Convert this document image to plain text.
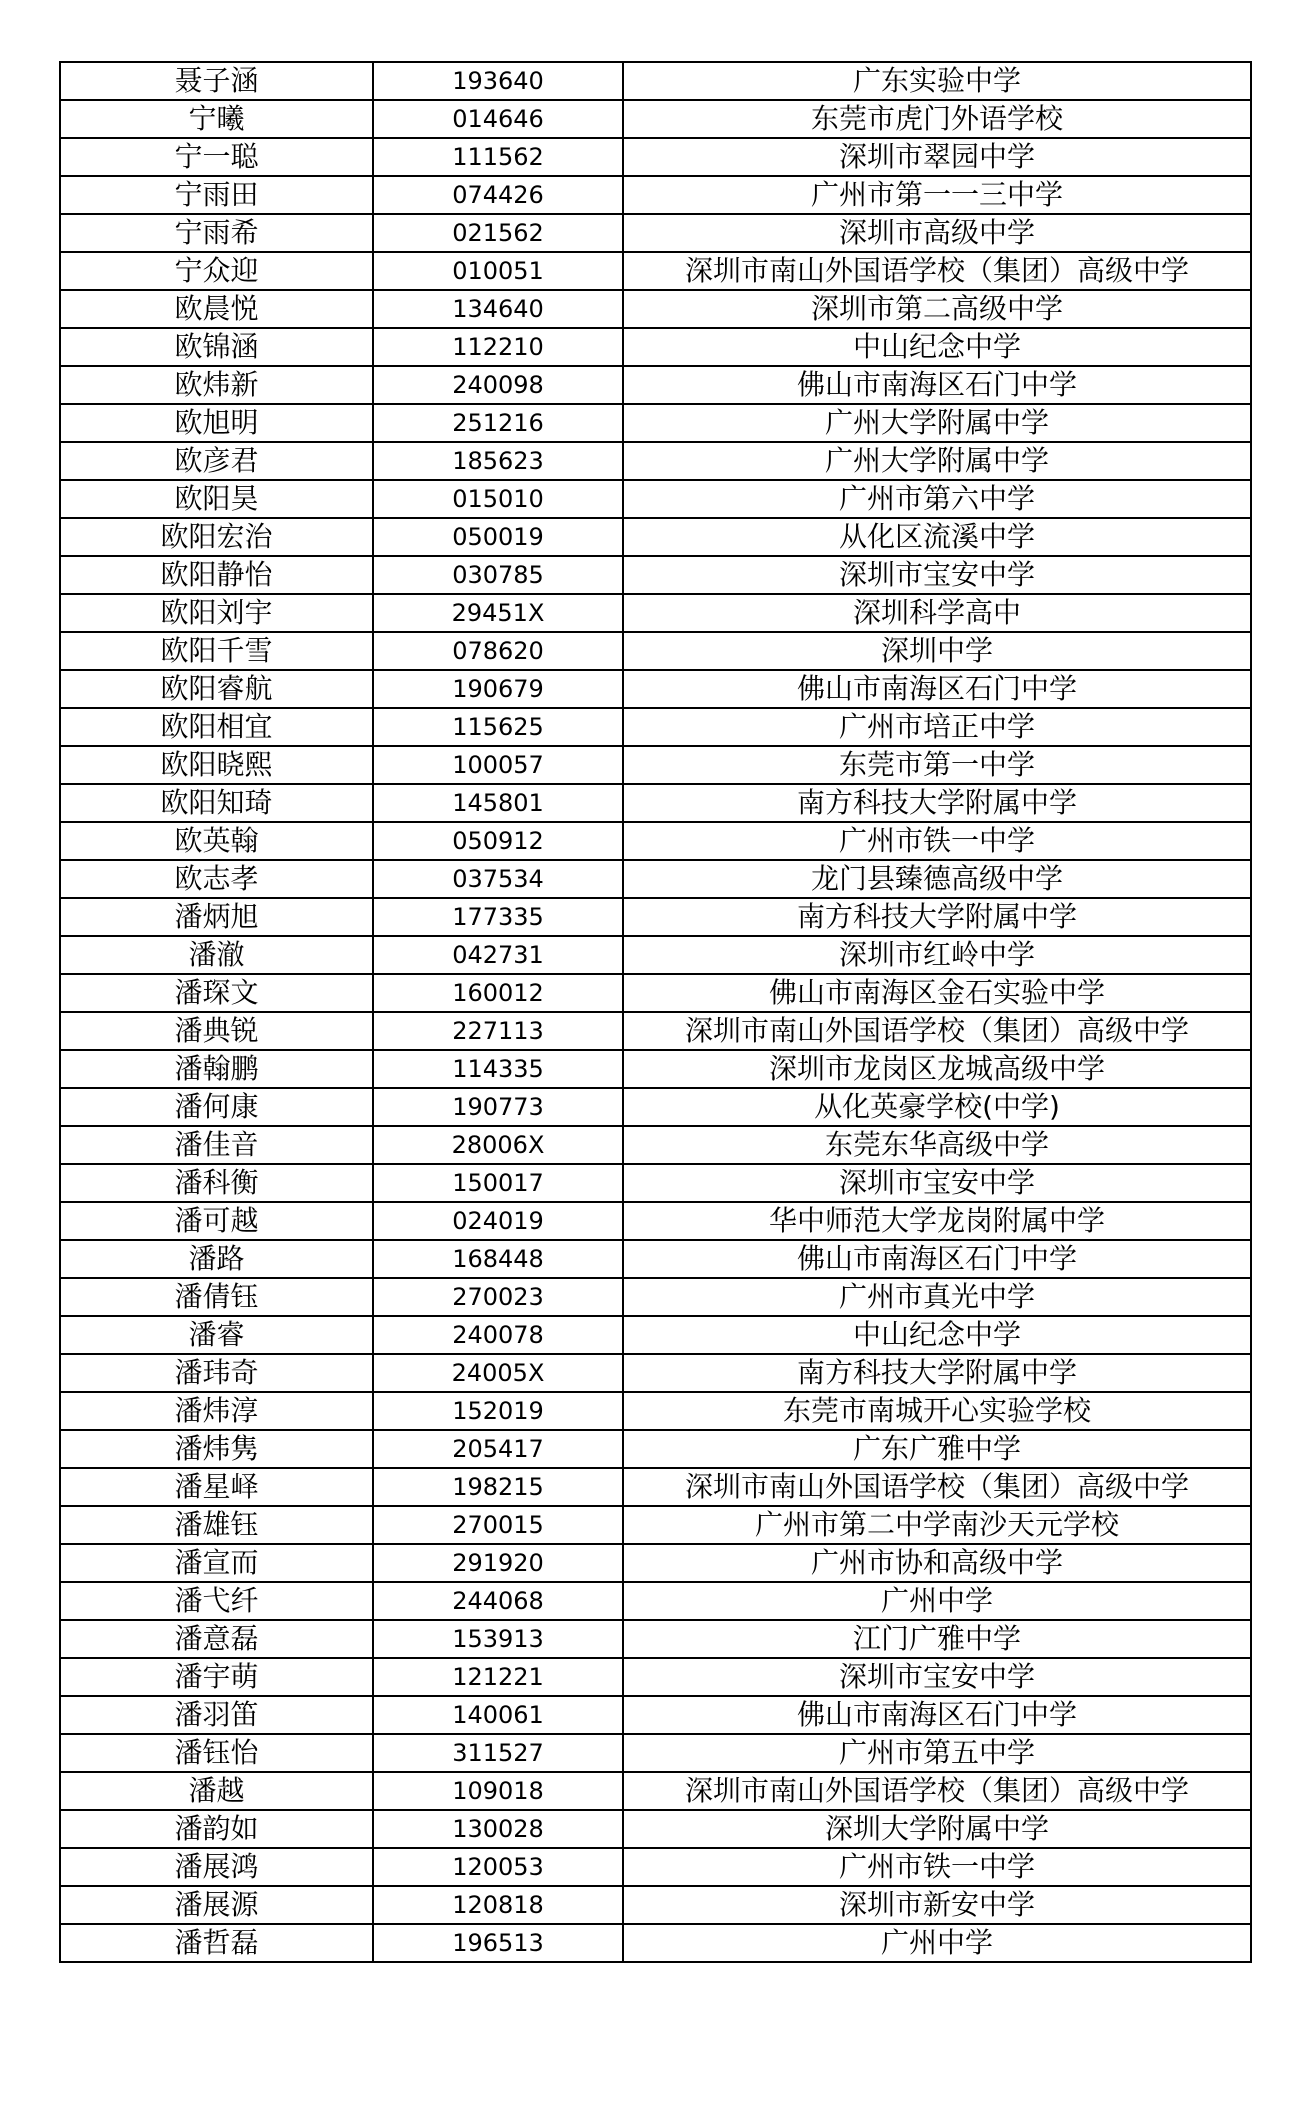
聂子涵	193640	广东实验中学
宁曦	014646	东莞市虎门外语学校
宁一聪	111562	深圳市翠园中学
宁雨田	074426	广州市第一一三中学
宁雨希	021562	深圳市高级中学
宁众迎	010051	深圳市南山外国语学校（集团）高级中学
欧晨悦	134640	深圳市第二高级中学
欧锦涵	112210	中山纪念中学
欧炜新	240098	佛山市南海区石门中学
欧旭明	251216	广州大学附属中学
欧彦君	185623	广州大学附属中学
欧阳昊	015010	广州市第六中学
欧阳宏治	050019	从化区流溪中学
欧阳静怡	030785	深圳市宝安中学
欧阳刘宇	29451X	深圳科学高中
欧阳千雪	078620	深圳中学
欧阳睿航	190679	佛山市南海区石门中学
欧阳相宜	115625	广州市培正中学
欧阳晓熙	100057	东莞市第一中学
欧阳知琦	145801	南方科技大学附属中学
欧英翰	050912	广州市铁一中学
欧志孝	037534	龙门县臻德高级中学
潘炳旭	177335	南方科技大学附属中学
潘澈	042731	深圳市红岭中学
潘琛文	160012	佛山市南海区金石实验中学
潘典锐	227113	深圳市南山外国语学校（集团）高级中学
潘翰鹏	114335	深圳市龙岗区龙城高级中学
潘何康	190773	从化英豪学校(中学)
潘佳音	28006X	东莞东华高级中学
潘科衡	150017	深圳市宝安中学
潘可越	024019	华中师范大学龙岗附属中学
潘路	168448	佛山市南海区石门中学
潘倩钰	270023	广州市真光中学
潘睿	240078	中山纪念中学
潘玮奇	24005X	南方科技大学附属中学
潘炜淳	152019	东莞市南城开心实验学校
潘炜隽	205417	广东广雅中学
潘星峄	198215	深圳市南山外国语学校（集团）高级中学
潘雄钰	270015	广州市第二中学南沙天元学校
潘宣而	291920	广州市协和高级中学
潘弋纤	244068	广州中学
潘意磊	153913	江门广雅中学
潘宇萌	121221	深圳市宝安中学
潘羽笛	140061	佛山市南海区石门中学
潘钰怡	311527	广州市第五中学
潘越	109018	深圳市南山外国语学校（集团）高级中学
潘韵如	130028	深圳大学附属中学
潘展鸿	120053	广州市铁一中学
潘展源	120818	深圳市新安中学
潘哲磊	196513	广州中学
